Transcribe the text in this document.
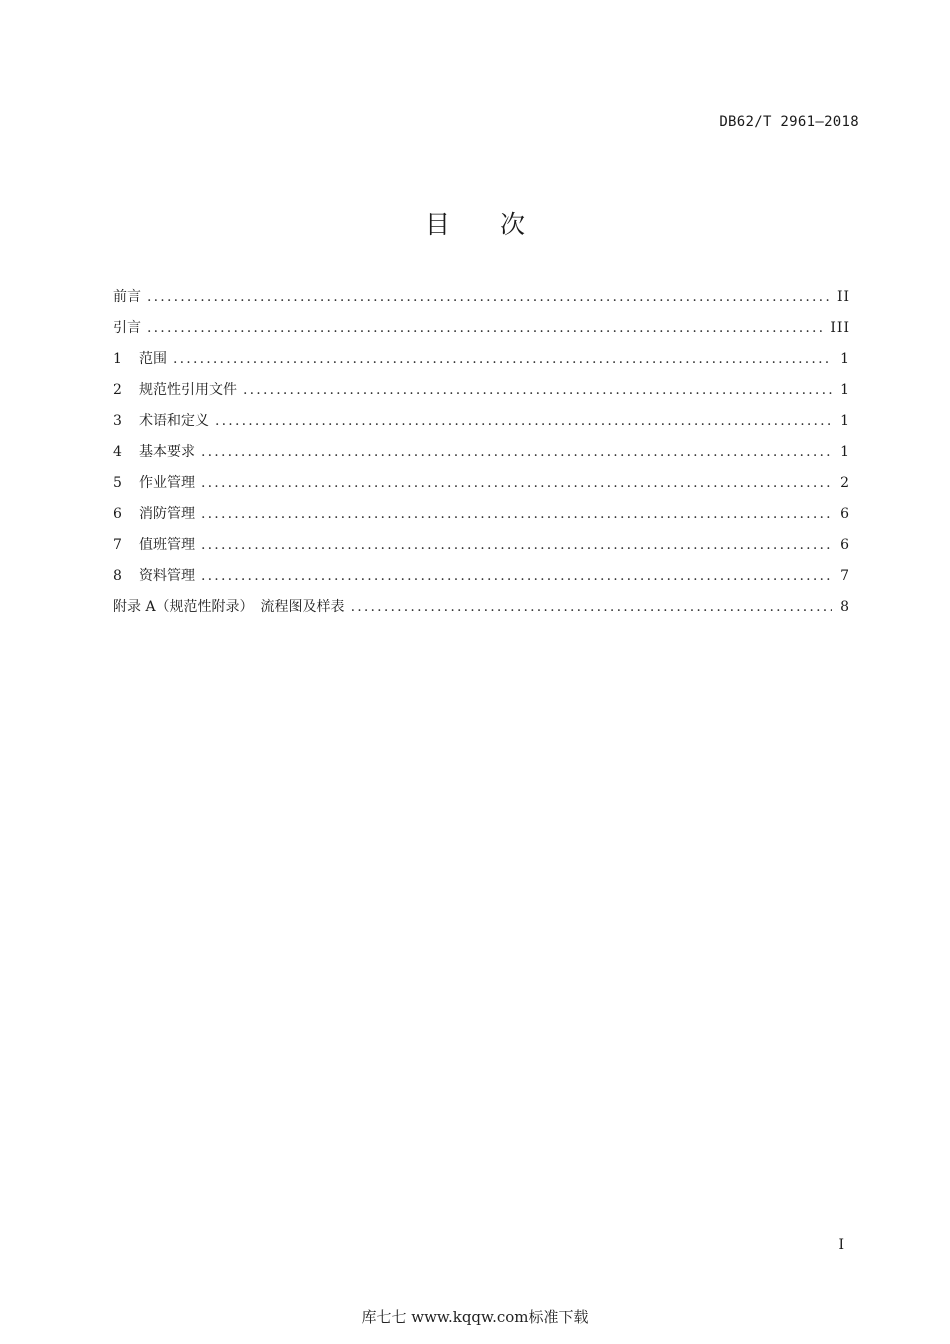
DB62/T 2961—2018
目 次
前言 .....	II
引言 .....	III
1	范围 .....	1
2	规范性引用文件 .....	1
3	术语和定义 .....	1
4	基本要求 .....	1
5	作业管理 .....	2
6	消防管理 .....	6
7	值班管理 .....	6
8	资料管理 .....	7
附录 A（规范性附录）　流程图及样表 .....	8
I
库七七 www.kqqw.com标准下载
